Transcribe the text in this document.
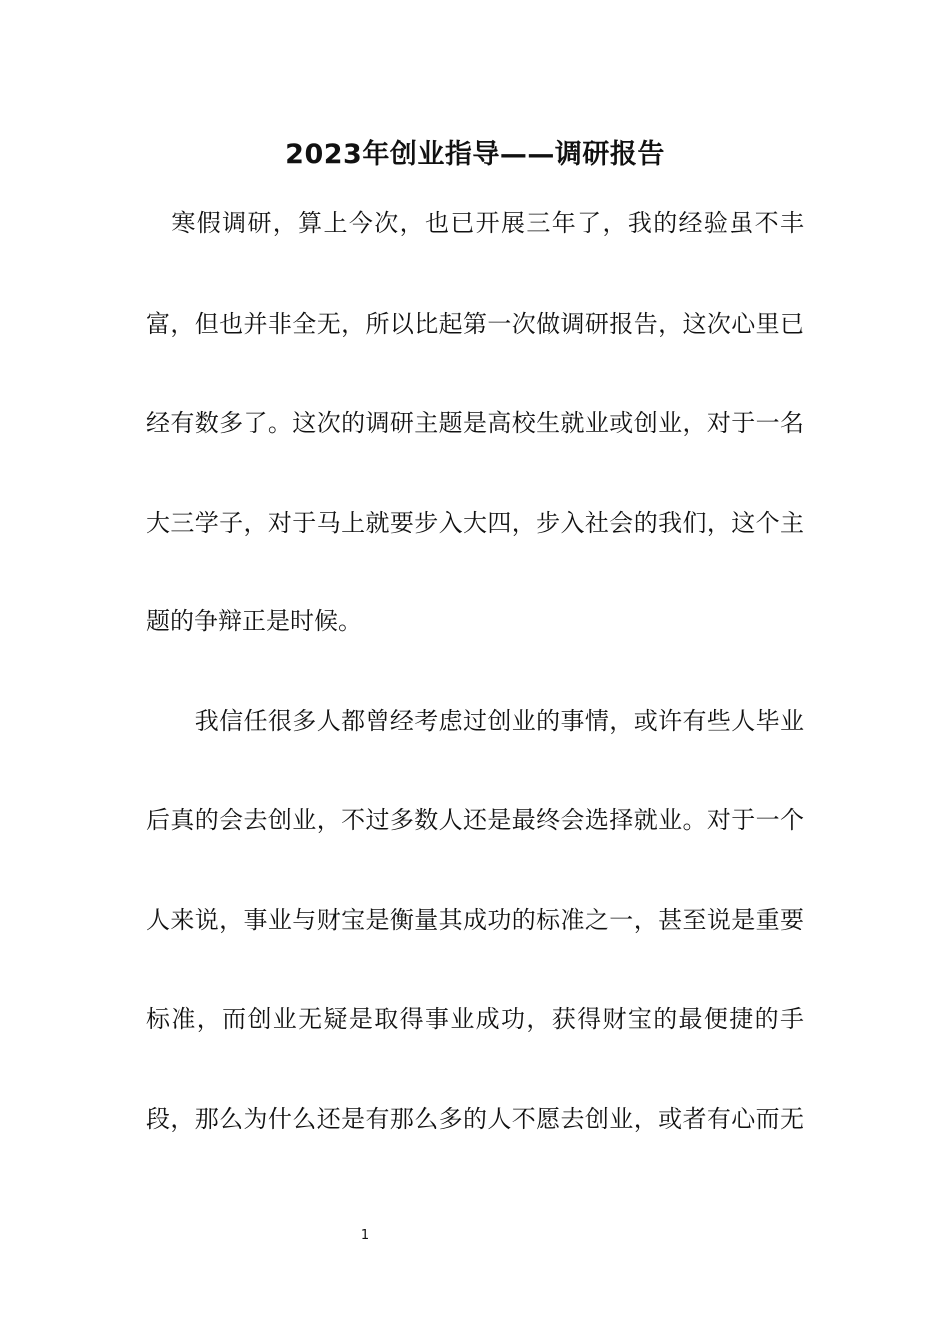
2023年创业指导——调研报告
　寒假调研，算上今次，也已开展三年了，我的经验虽不丰
富，但也并非全无，所以比起第一次做调研报告，这次心里已
经有数多了。这次的调研主题是高校生就业或创业，对于一名
大三学子，对于马上就要步入大四，步入社会的我们，这个主
题的争辩正是时候。
　　我信任很多人都曾经考虑过创业的事情，或许有些人毕业
后真的会去创业，不过多数人还是最终会选择就业。对于一个
人来说，事业与财宝是衡量其成功的标准之一，甚至说是重要
标准，而创业无疑是取得事业成功，获得财宝的最便捷的手
段，那么为什么还是有那么多的人不愿去创业，或者有心而无
1
